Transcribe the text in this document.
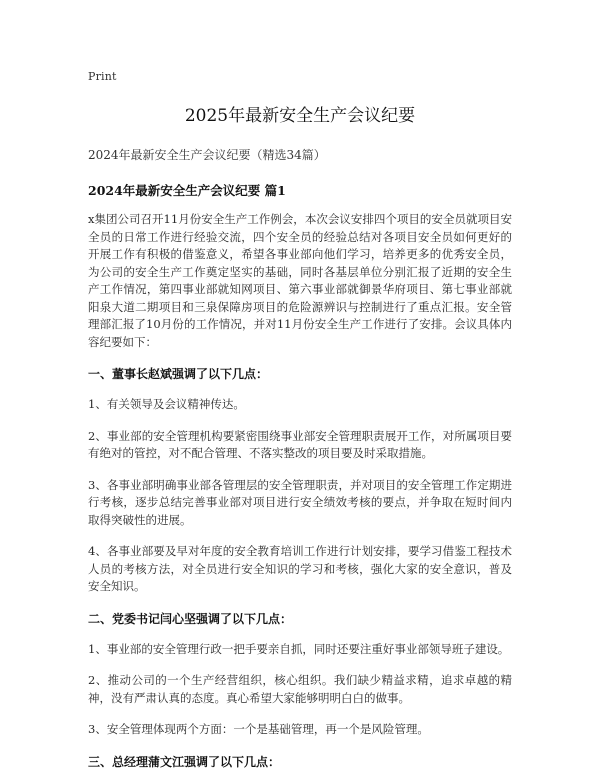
Print
2025年最新安全生产会议纪要
2024年最新安全生产会议纪要（精选34篇）
2024年最新安全生产会议纪要 篇1

x集团公司召开11月份安全生产工作例会，本次会议安排四个项目的安全员就项目安全员的日常工作进行经验交流，四个安全员的经验总结对各项目安全员如何更好的开展工作有积极的借鉴意义，希望各事业部向他们学习，培养更多的优秀安全员，为公司的安全生产工作奠定坚实的基础，同时各基层单位分别汇报了近期的安全生产工作情况，第四事业部就知网项目、第六事业部就御景华府项目、第七事业部就阳泉大道二期项目和三泉保障房项目的危险源辨识与控制进行了重点汇报。安全管理部汇报了10月份的工作情况，并对11月份安全生产工作进行了安排。会议具体内容纪要如下：

一、董事长赵斌强调了以下几点：

1、有关领导及会议精神传达。

2、事业部的安全管理机构要紧密围绕事业部安全管理职责展开工作，对所属项目要有绝对的管控，对不配合管理、不落实整改的项目要及时采取措施。

3、各事业部明确事业部各管理层的安全管理职责，并对项目的安全管理工作定期进行考核，逐步总结完善事业部对项目进行安全绩效考核的要点，并争取在短时间内取得突破性的进展。

4、各事业部要及早对年度的安全教育培训工作进行计划安排，要学习借鉴工程技术人员的考核方法，对全员进行安全知识的学习和考核，强化大家的安全意识，普及安全知识。

二、党委书记闫心坚强调了以下几点：

1、事业部的安全管理行政一把手要亲自抓，同时还要注重好事业部领导班子建设。

2、推动公司的一个生产经营组织，核心组织。我们缺少精益求精，追求卓越的精神，没有严肃认真的态度。真心希望大家能够明明白白的做事。

3、安全管理体现两个方面：一个是基础管理，再一个是风险管理。

三、总经理蒲文江强调了以下几点：
